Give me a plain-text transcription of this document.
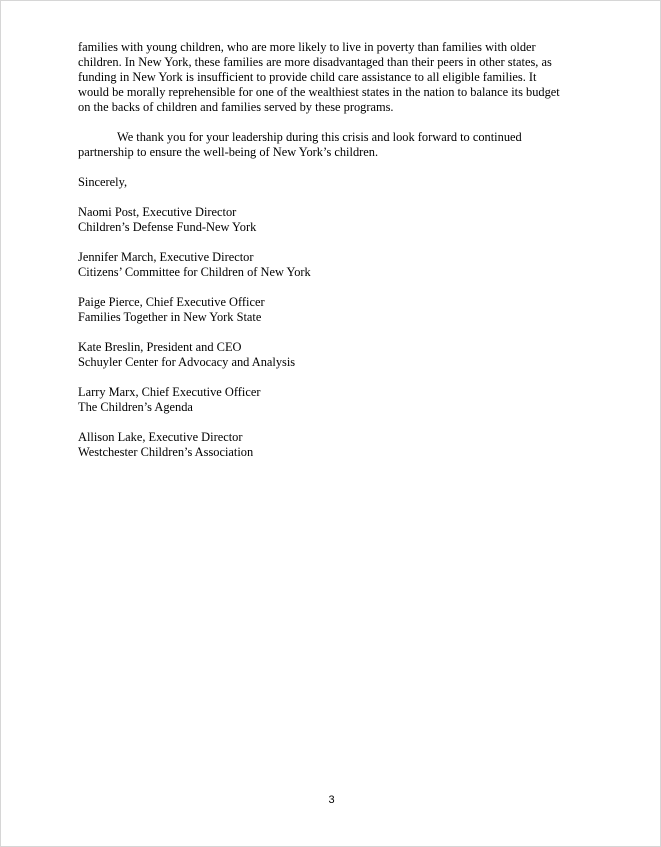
families with young children, who are more likely to live in poverty than families with older
children. In New York, these families are more disadvantaged than their peers in other states, as
funding in New York is insufficient to provide child care assistance to all eligible families. It
would be morally reprehensible for one of the wealthiest states in the nation to balance its budget
on the backs of children and families served by these programs.
We thank you for your leadership during this crisis and look forward to continued
partnership to ensure the well-being of New York’s children.
Sincerely,
Naomi Post, Executive Director
Children’s Defense Fund-New York
Jennifer March, Executive Director
Citizens’ Committee for Children of New York
Paige Pierce, Chief Executive Officer
Families Together in New York State
Kate Breslin, President and CEO
Schuyler Center for Advocacy and Analysis
Larry Marx, Chief Executive Officer
The Children’s Agenda
Allison Lake, Executive Director
Westchester Children’s Association
3
